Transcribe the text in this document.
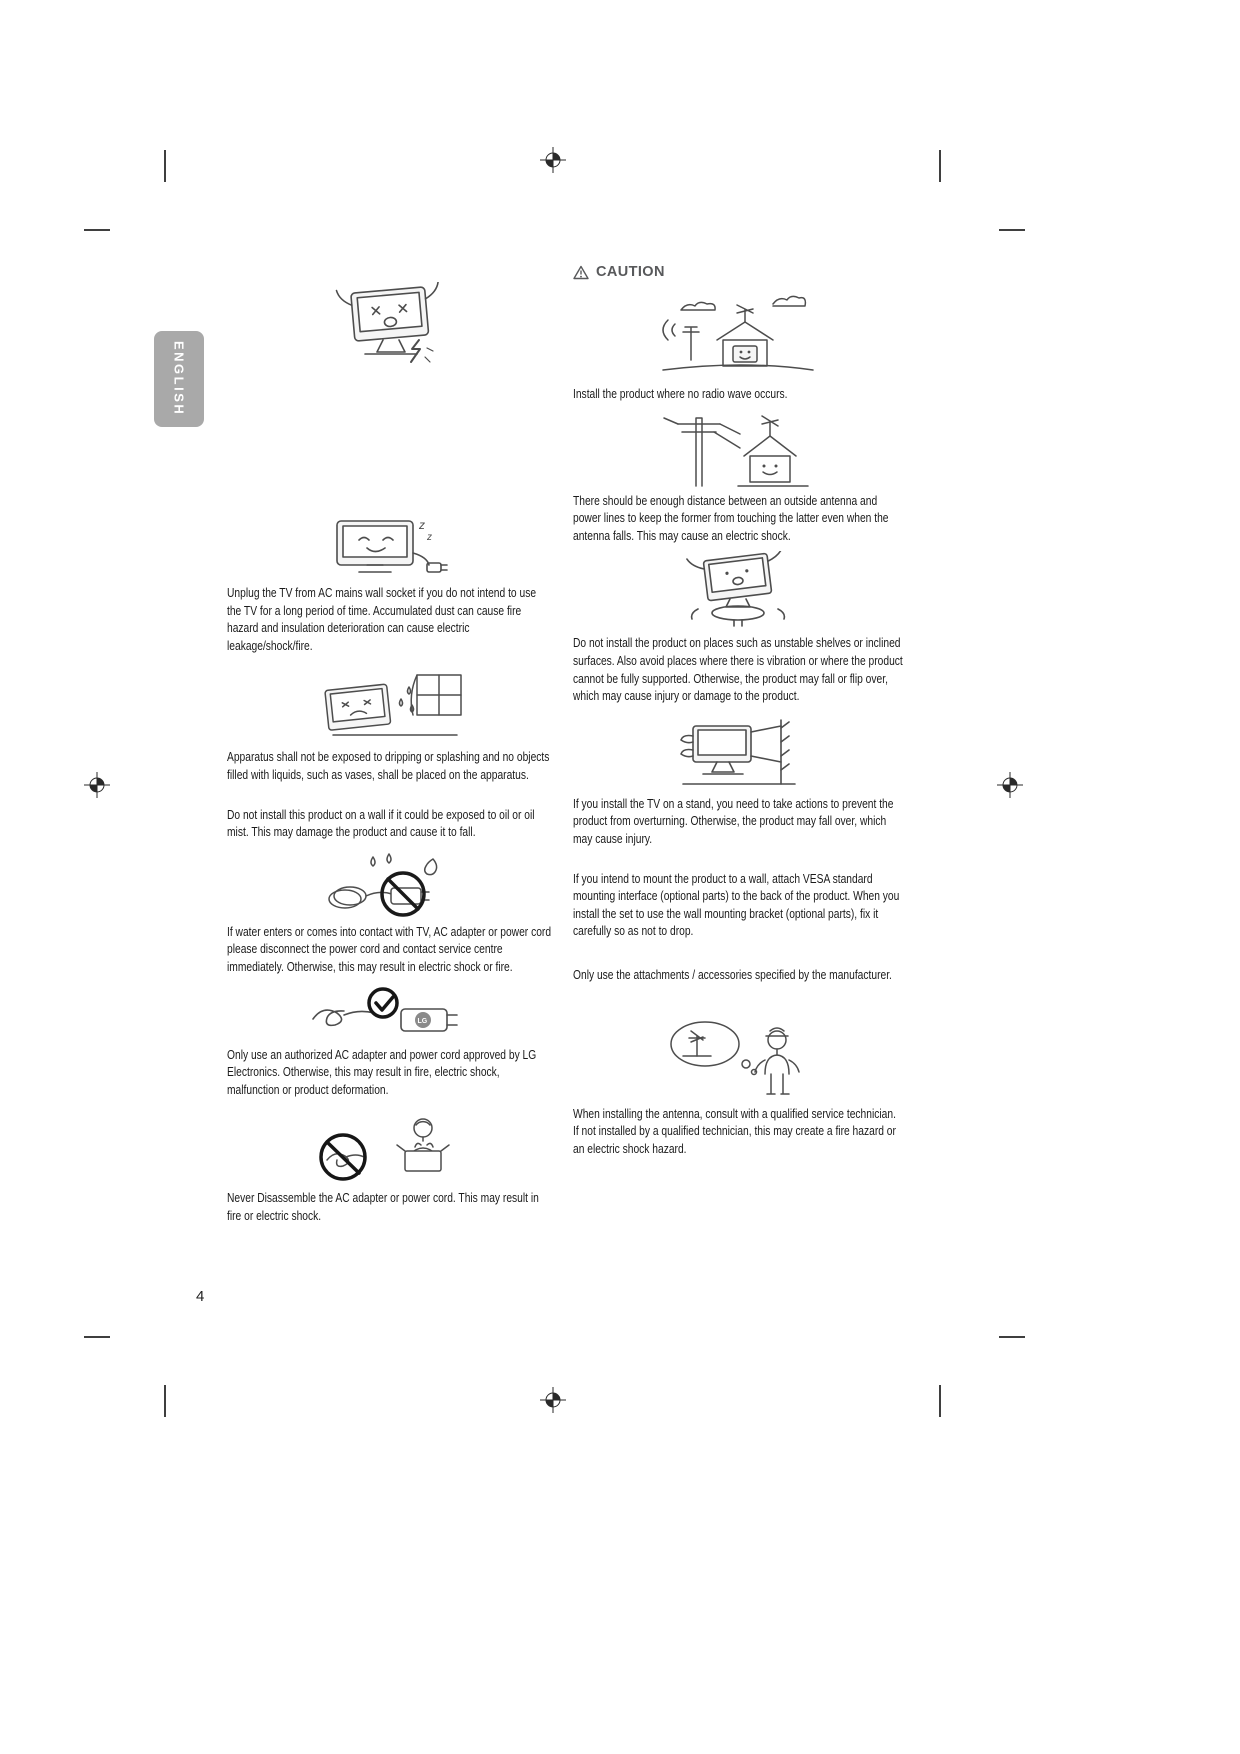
ENGLISH
z
z

Unplug the TV from AC mains wall socket if you do not intend to use the TV for a long period of time. Accumulated dust can cause fire hazard and insulation deterioration can cause electric leakage/shock/fire.

Apparatus shall not be exposed to dripping or splashing and no objects filled with liquids, such as vases, shall be placed on the apparatus.

Do not install this product on a wall if it could be exposed to oil or oil mist. This may damage the product and cause it to fall.

If water enters or comes into contact with TV, AC adapter or power cord please disconnect the power cord and contact service centre immediately. Otherwise, this may result in electric shock or fire.

LG

Only use an authorized AC adapter and power cord approved by LG Electronics. Otherwise, this may result in fire, electric shock, malfunction or product deformation.

Never Disassemble the AC adapter or power cord. This may result in fire or electric shock.

CAUTION

Install the product where no radio wave occurs.

There should be enough distance between an outside antenna and power lines to keep the former from touching the latter even when the antenna falls. This may cause an electric shock.

Do not install the product on places such as unstable shelves or inclined surfaces. Also avoid places where there is vibration or where the product cannot be fully supported. Otherwise, the product may fall or flip over, which may cause injury or damage to the product.

If you install the TV on a stand, you need to take actions to prevent the product from overturning. Otherwise, the product may fall over, which may cause injury.

If you intend to mount the product to a wall, attach VESA standard mounting interface (optional parts) to the back of the product. When you install the set to use the wall mounting bracket (optional parts), fix it carefully so as not to drop.

Only use the attachments / accessories specified by the manufacturer.

When installing the antenna, consult with a qualified service technician. If not installed by a qualified technician, this may create a fire hazard or an electric shock hazard.

4
